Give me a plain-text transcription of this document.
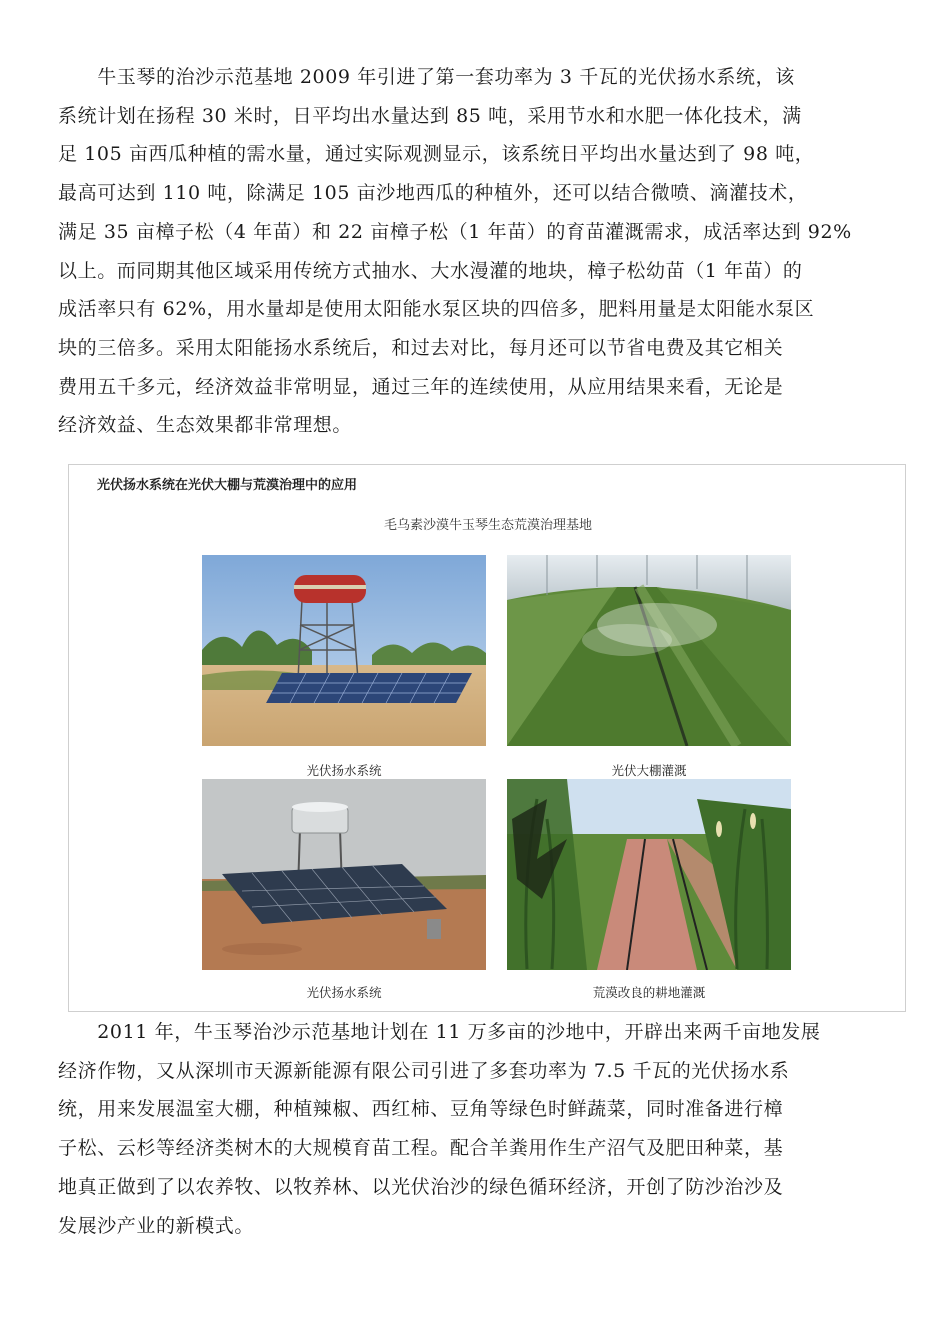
　　牛玉琴的治沙示范基地 2009 年引进了第一套功率为 3 千瓦的光伏扬水系统，该
系统计划在扬程 30 米时，日平均出水量达到 85 吨，采用节水和水肥一体化技术，满
足 105 亩西瓜种植的需水量，通过实际观测显示，该系统日平均出水量达到了 98 吨，
最高可达到 110 吨，除满足 105 亩沙地西瓜的种植外，还可以结合微喷、滴灌技术，
满足 35 亩樟子松（4 年苗）和 22 亩樟子松（1 年苗）的育苗灌溉需求，成活率达到 92%
以上。而同期其他区域采用传统方式抽水、大水漫灌的地块，樟子松幼苗（1 年苗）的
成活率只有 62%，用水量却是使用太阳能水泵区块的四倍多，肥料用量是太阳能水泵区
块的三倍多。采用太阳能扬水系统后，和过去对比，每月还可以节省电费及其它相关
费用五千多元，经济效益非常明显，通过三年的连续使用，从应用结果来看，无论是
经济效益、生态效果都非常理想。
光伏扬水系统在光伏大棚与荒漠治理中的应用
毛乌素沙漠牛玉琴生态荒漠治理基地
光伏扬水系统	光伏大棚灌溉
光伏扬水系统	荒漠改良的耕地灌溉
　　2011 年，牛玉琴治沙示范基地计划在 11 万多亩的沙地中，开辟出来两千亩地发展
经济作物，又从深圳市天源新能源有限公司引进了多套功率为 7.5 千瓦的光伏扬水系
统，用来发展温室大棚，种植辣椒、西红柿、豆角等绿色时鲜蔬菜，同时准备进行樟
子松、云杉等经济类树木的大规模育苗工程。配合羊粪用作生产沼气及肥田种菜，基
地真正做到了以农养牧、以牧养林、以光伏治沙的绿色循环经济，开创了防沙治沙及
发展沙产业的新模式。
